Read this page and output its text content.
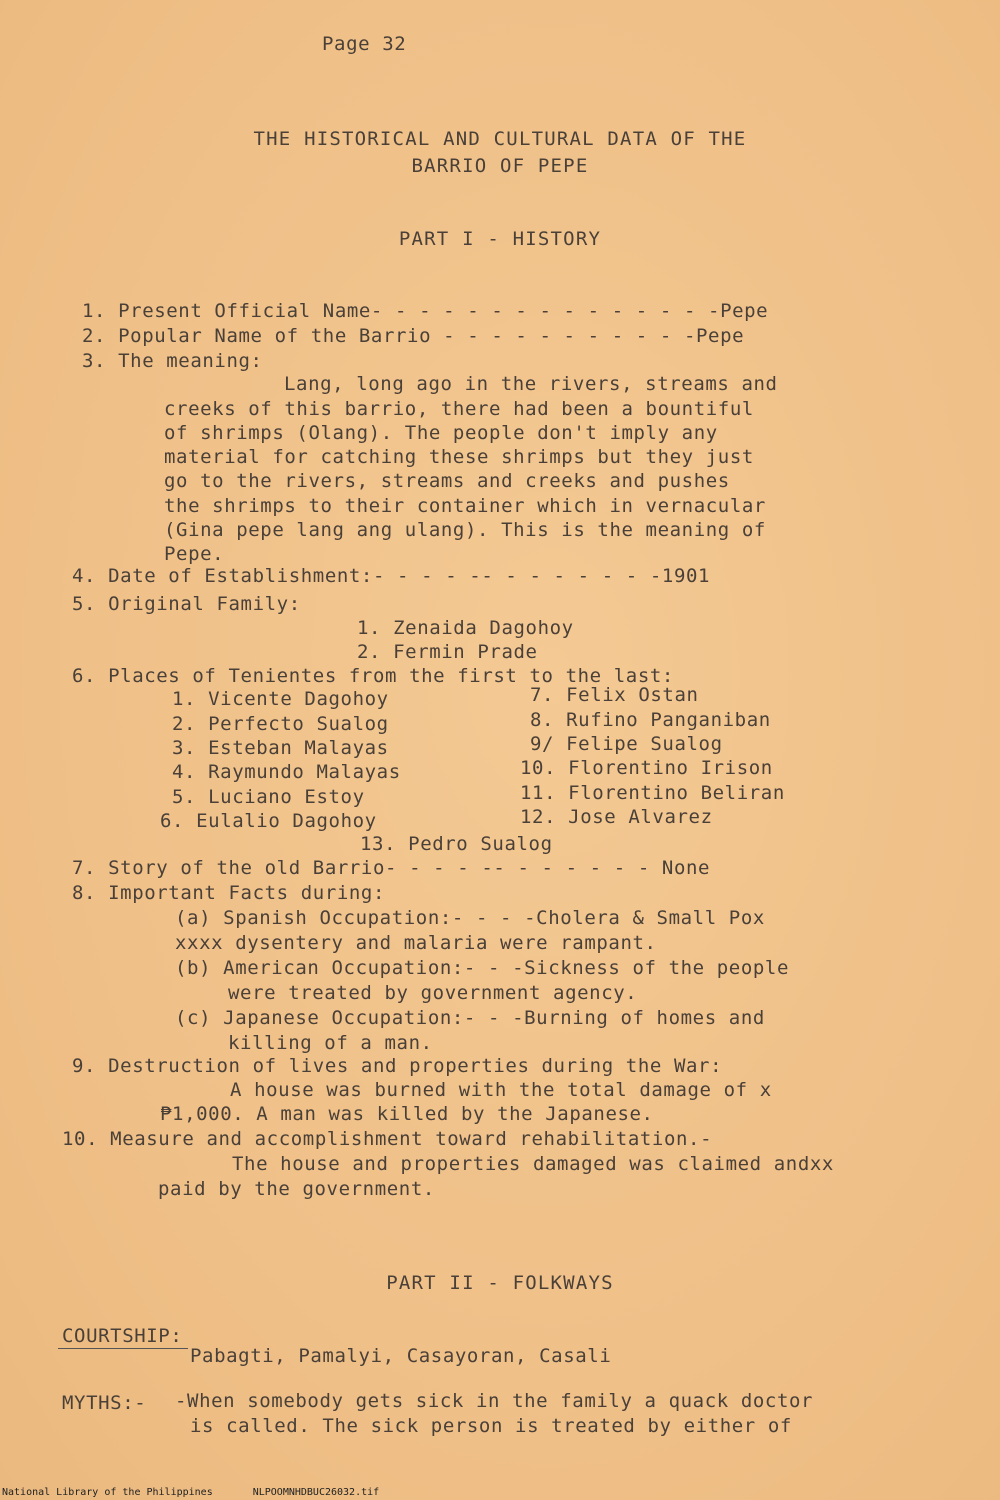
Page 32
THE HISTORICAL AND CULTURAL DATA OF THE
BARRIO OF PEPE
PART I - HISTORY
1. Present Official Name- - - - - - - - - - - - - - -Pepe
2. Popular Name of the Barrio - - - - - - - - - - -Pepe
3. The meaning:
Lang, long ago in the rivers, streams and
creeks of this barrio, there had been a bountiful
of shrimps (Olang). The people don't imply any
material for catching these shrimps but they just
go to the rivers, streams and creeks and pushes
the shrimps to their container which in vernacular
(Gina pepe lang ang ulang). This is the meaning of
Pepe.
4. Date of Establishment:- - - - -- - - - - - - -1901
5. Original Family:
1. Zenaida Dagohoy
2. Fermin Prade
6. Places of Tenientes from the first to the last:
1. Vicente Dagohoy
2. Perfecto Sualog
3. Esteban Malayas
4. Raymundo Malayas
5. Luciano Estoy
6. Eulalio Dagohoy
7. Felix Ostan
8. Rufino Panganiban
9/ Felipe Sualog
10. Florentino Irison
11. Florentino Beliran
12. Jose Alvarez
13. Pedro Sualog
7. Story of the old Barrio- - - - -- - - - - - - None
8. Important Facts during:
(a) Spanish Occupation:- - - -Cholera & Small Pox
xxxx dysentery and malaria were rampant.
(b) American Occupation:- - -Sickness of the people
were treated by government agency.
(c) Japanese Occupation:- - -Burning of homes and
killing of a man.
9. Destruction of lives and properties during the War:
A house was burned with the total damage of x
₱1,000. A man was killed by the Japanese.
10. Measure and accomplishment toward rehabilitation.-
The house and properties damaged was claimed andxx
paid by the government.
PART II - FOLKWAYS
COURTSHIP:
Pabagti, Pamalyi, Casayoran, Casali
MYTHS:- -When somebody gets sick in the family a quack doctor
is called. The sick person is treated by either of
National Library of the Philippines	NLPOOMNHDBUC26032.tif
